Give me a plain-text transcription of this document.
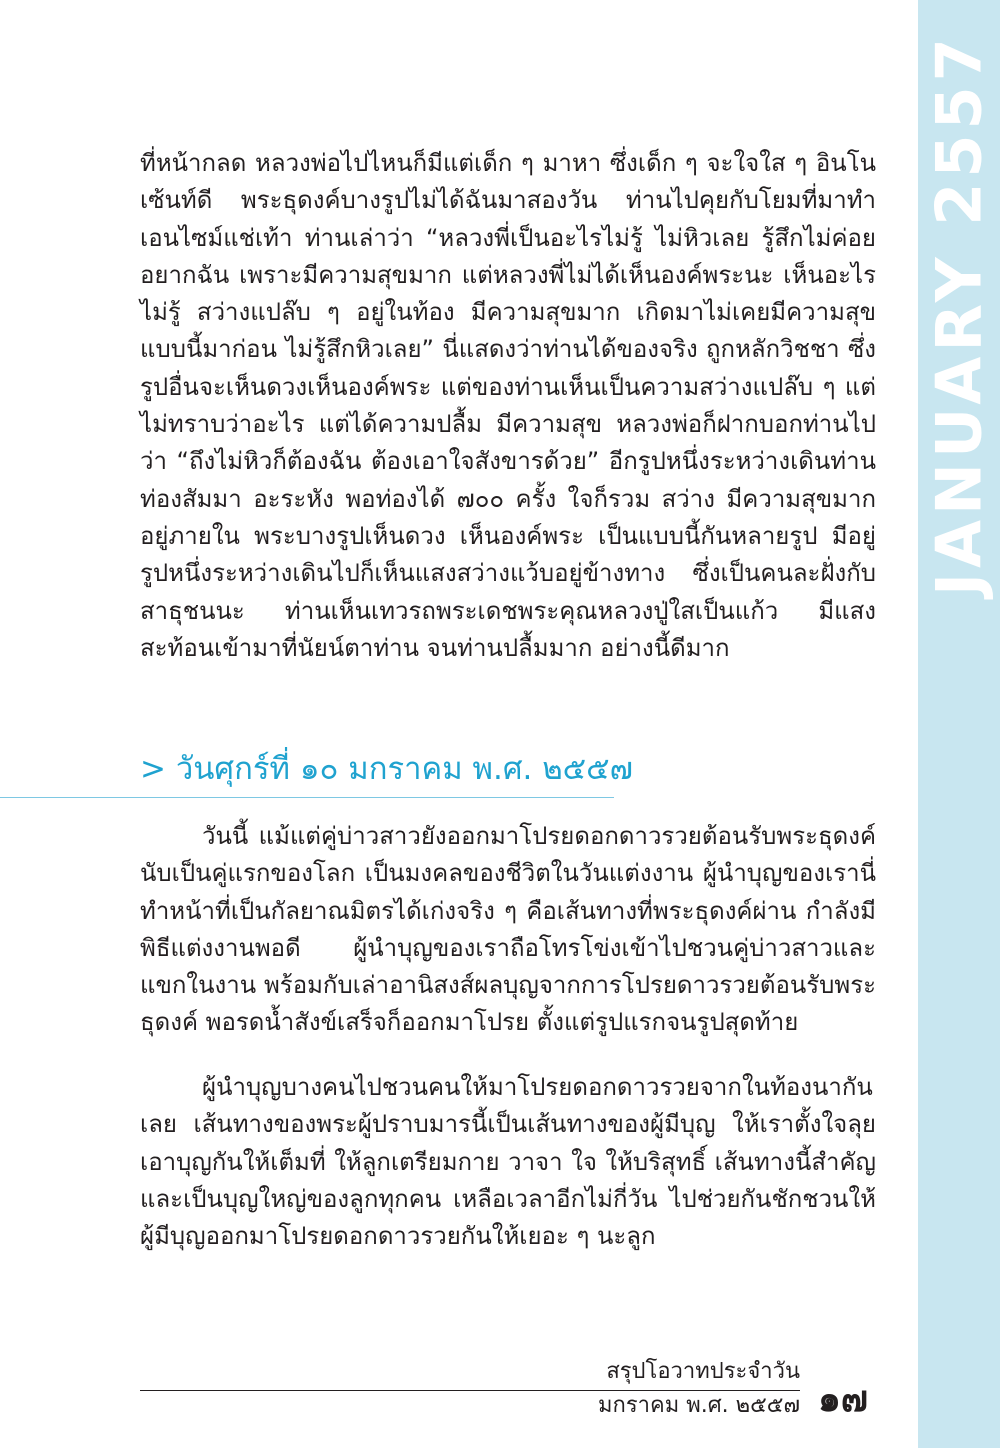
JANUARY 2557

ที่หน้ากลด หลวงพ่อไปไหนก็มีแต่เด็ก ๆ มาหา ซึ่งเด็ก ๆ จะใจใส ๆ อินโนเซ้นท์ดี พระธุดงค์บางรูปไม่ได้ฉันมาสองวัน ท่านไปคุยกับโยมที่มาทำเอนไซม์แช่เท้า ท่านเล่าว่า “หลวงพี่เป็นอะไรไม่รู้ ไม่หิวเลย รู้สึกไม่ค่อยอยากฉัน เพราะมีความสุขมาก แต่หลวงพี่ไม่ได้เห็นองค์พระนะ เห็นอะไรไม่รู้ สว่างแปล๊บ ๆ อยู่ในท้อง มีความสุขมาก เกิดมาไม่เคยมีความสุขแบบนี้มาก่อน ไม่รู้สึกหิวเลย” นี่แสดงว่าท่านได้ของจริง ถูกหลักวิชชา ซึ่งรูปอื่นจะเห็นดวงเห็นองค์พระ แต่ของท่านเห็นเป็นความสว่างแปล๊บ ๆ แต่ไม่ทราบว่าอะไร แต่ได้ความปลื้ม มีความสุข หลวงพ่อก็ฝากบอกท่านไปว่า “ถึงไม่หิวก็ต้องฉัน ต้องเอาใจสังขารด้วย” อีกรูปหนึ่งระหว่างเดินท่านท่องสัมมา อะระหัง พอท่องได้ ๗๐๐ ครั้ง ใจก็รวม สว่าง มีความสุขมากอยู่ภายใน พระบางรูปเห็นดวง เห็นองค์พระ เป็นแบบนี้กันหลายรูป มีอยู่รูปหนึ่งระหว่างเดินไปก็เห็นแสงสว่างแว้บอยู่ข้างทาง ซึ่งเป็นคนละฝั่งกับสาธุชนนะ ท่านเห็นเทวรถพระเดชพระคุณหลวงปู่ใสเป็นแก้ว มีแสงสะท้อนเข้ามาที่นัยน์ตาท่าน จนท่านปลื้มมาก อย่างนี้ดีมาก

> วันศุกร์ที่ ๑๐ มกราคม พ.ศ. ๒๕๕๗

วันนี้ แม้แต่คู่บ่าวสาวยังออกมาโปรยดอกดาวรวยต้อนรับพระธุดงค์ นับเป็นคู่แรกของโลก เป็นมงคลของชีวิตในวันแต่งงาน ผู้นำบุญของเรานี่ทำหน้าที่เป็นกัลยาณมิตรได้เก่งจริง ๆ คือเส้นทางที่พระธุดงค์ผ่าน กำลังมีพิธีแต่งงานพอดี ผู้นำบุญของเราถือโทรโข่งเข้าไปชวนคู่บ่าวสาวและแขกในงาน พร้อมกับเล่าอานิสงส์ผลบุญจากการโปรยดาวรวยต้อนรับพระธุดงค์ พอรดน้ำสังข์เสร็จก็ออกมาโปรย ตั้งแต่รูปแรกจนรูปสุดท้าย

ผู้นำบุญบางคนไปชวนคนให้มาโปรยดอกดาวรวยจากในท้องนากันเลย เส้นทางของพระผู้ปราบมารนี้เป็นเส้นทางของผู้มีบุญ ให้เราตั้งใจลุยเอาบุญกันให้เต็มที่ ให้ลูกเตรียมกาย วาจา ใจ ให้บริสุทธิ์ เส้นทางนี้สำคัญและเป็นบุญใหญ่ของลูกทุกคน เหลือเวลาอีกไม่กี่วัน ไปช่วยกันชักชวนให้ผู้มีบุญออกมาโปรยดอกดาวรวยกันให้เยอะ ๆ นะลูก

สรุปโอวาทประจำวัน
มกราคม พ.ศ. ๒๕๕๗ ๑๗
